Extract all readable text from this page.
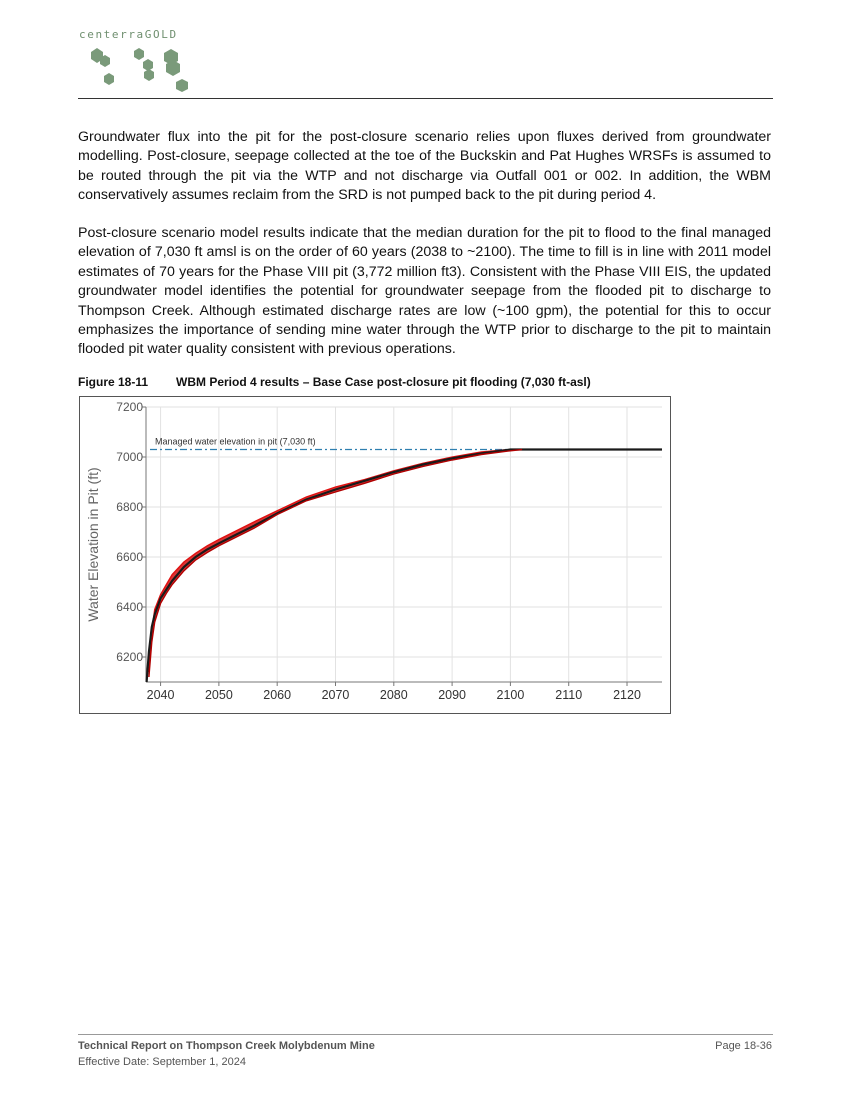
centerraGOLD

Groundwater flux into the pit for the post-closure scenario relies upon fluxes derived from groundwater modelling. Post-closure, seepage collected at the toe of the Buckskin and Pat Hughes WRSFs is assumed to be routed through the pit via the WTP and not discharge via Outfall 001 or 002. In addition, the WBM conservatively assumes reclaim from the SRD is not pumped back to the pit during period 4.

Post-closure scenario model results indicate that the median duration for the pit to flood to the final managed elevation of 7,030 ft amsl is on the order of 60 years (2038 to ~2100). The time to fill is in line with 2011 model estimates of 70 years for the Phase VIII pit (3,772 million ft3). Consistent with the Phase VIII EIS, the updated groundwater model identifies the potential for groundwater seepage from the flooded pit to discharge to Thompson Creek. Although estimated discharge rates are low (~100 gpm), the potential for this to occur emphasizes the importance of sending mine water through the WTP prior to discharge to the pit to maintain flooded pit water quality consistent with previous operations.

Figure 18-11 WBM Period 4 results – Base Case post-closure pit flooding (7,030 ft-asl)
Managed water elevation in pit (7,030 ft)
6200
6400
6600
6800
7000
7200
2040 2050 2060 2070 2080 2090 2100 2110 2120
Water Elevation in Pit (ft)
Technical Report on Thompson Creek Molybdenum Mine
Effective Date: September 1, 2024
Page 18-36
